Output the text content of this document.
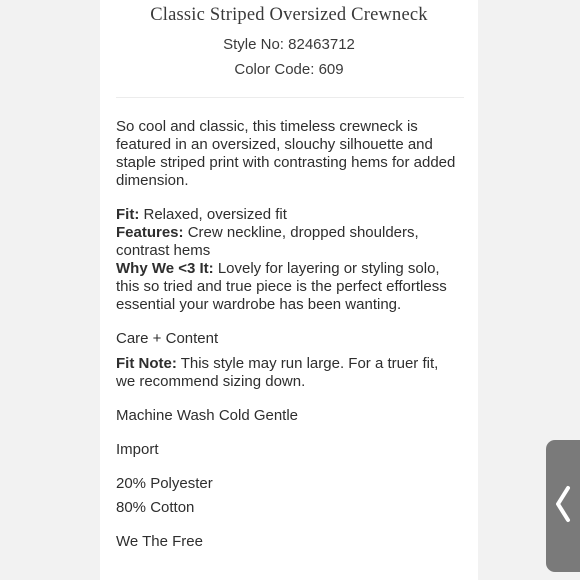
Classic Striped Oversized Crewneck
Style No: 82463712
Color Code: 609

So cool and classic, this timeless crewneck is featured in an oversized, slouchy silhouette and staple striped print with contrasting hems for added dimension.

Fit: Relaxed, oversized fit

Features: Crew neckline, dropped shoulders, contrast hems

Why We <3 It: Lovely for layering or styling solo, this so tried and true piece is the perfect effortless essential your wardrobe has been wanting.

Care + Content

Fit Note: This style may run large. For a truer fit, we recommend sizing down.

Machine Wash Cold Gentle

Import

20% Polyester

80% Cotton

We The Free
